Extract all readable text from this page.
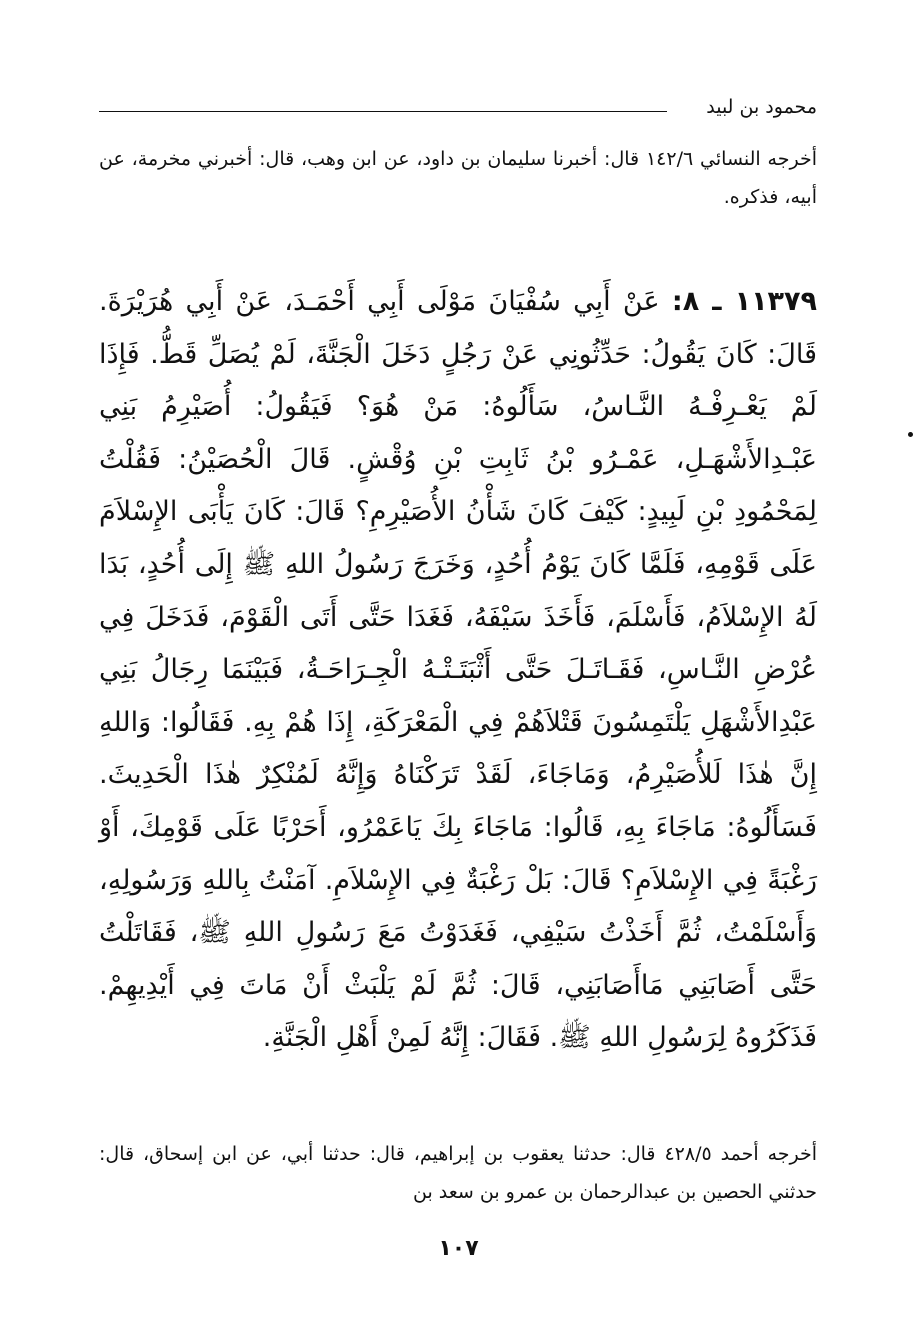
محمود بن لبيد

أخرجه النسائي ١٤٢/٦ قال: أخبرنا سليمان بن داود، عن ابن وهب، قال: أخبرني مخرمة، عن أبيه، فذكره.

١١٣٧٩ ـ ٨: عَنْ أَبِي سُفْيَانَ مَوْلَى أَبِي أَحْمَـدَ، عَنْ أَبِي هُرَيْرَةَ. قَالَ: كَانَ يَقُولُ: حَدِّثُونِي عَنْ رَجُلٍ دَخَلَ الْجَنَّةَ، لَمْ يُصَلِّ قَطُّ. فَإِذَا لَمْ يَعْـرِفْـهُ النَّـاسُ، سَأَلُوهُ: مَنْ هُوَ؟ فَيَقُولُ: أُصَيْرِمُ بَنِي عَبْـدِالأَشْهَـلِ، عَمْـرُو بْنُ ثَابِتِ بْنِ وُقْشٍ. قَالَ الْحُصَيْنُ: فَقُلْتُ لِمَحْمُودِ بْنِ لَبِيدٍ: كَيْفَ كَانَ شَأْنُ الأُصَيْرِمِ؟ قَالَ: كَانَ يَأْبَى الإِسْلاَمَ عَلَى قَوْمِهِ، فَلَمَّا كَانَ يَوْمُ أُحُدٍ، وَخَرَجَ رَسُولُ اللهِ ﷺ إِلَى أُحُدٍ، بَدَا لَهُ الإِسْلاَمُ، فَأَسْلَمَ، فَأَخَذَ سَيْفَهُ، فَغَدَا حَتَّى أَتَى الْقَوْمَ، فَدَخَلَ فِي عُرْضِ النَّـاسِ، فَقَـاتَـلَ حَتَّى أَثْبَتَـتْـهُ الْجِـرَاحَـةُ، فَبَيْنَمَا رِجَالُ بَنِي عَبْدِالأَشْهَلِ يَلْتَمِسُونَ قَتْلاَهُمْ فِي الْمَعْرَكَةِ، إِذَا هُمْ بِهِ. فَقَالُوا: وَاللهِ إِنَّ هٰذَا لَلأُصَيْرِمُ، وَمَاجَاءَ، لَقَدْ تَرَكْنَاهُ وَإِنَّهُ لَمُنْكِرٌ هٰذَا الْحَدِيثَ. فَسَأَلُوهُ: مَاجَاءَ بِهِ، قَالُوا: مَاجَاءَ بِكَ يَاعَمْرُو، أَحَرْبًا عَلَى قَوْمِكَ، أَوْ رَغْبَةً فِي الإِسْلاَمِ؟ قَالَ: بَلْ رَغْبَةٌ فِي الإِسْلاَمِ. آمَنْتُ بِاللهِ وَرَسُولِهِ، وَأَسْلَمْتُ، ثُمَّ أَخَذْتُ سَيْفِي، فَغَدَوْتُ مَعَ رَسُولِ اللهِ ﷺ، فَقَاتَلْتُ حَتَّى أَصَابَنِي مَاأَصَابَنِي، قَالَ: ثُمَّ لَمْ يَلْبَثْ أَنْ مَاتَ فِي أَيْدِيهِمْ. فَذَكَرُوهُ لِرَسُولِ اللهِ ﷺ. فَقَالَ: إِنَّهُ لَمِنْ أَهْلِ الْجَنَّةِ.

أخرجه أحمد ٤٢٨/٥ قال: حدثنا يعقوب بن إبراهيم، قال: حدثنا أبي، عن ابن إسحاق، قال: حدثني الحصين بن عبدالرحمان بن عمرو بن سعد بن

١٠٧
